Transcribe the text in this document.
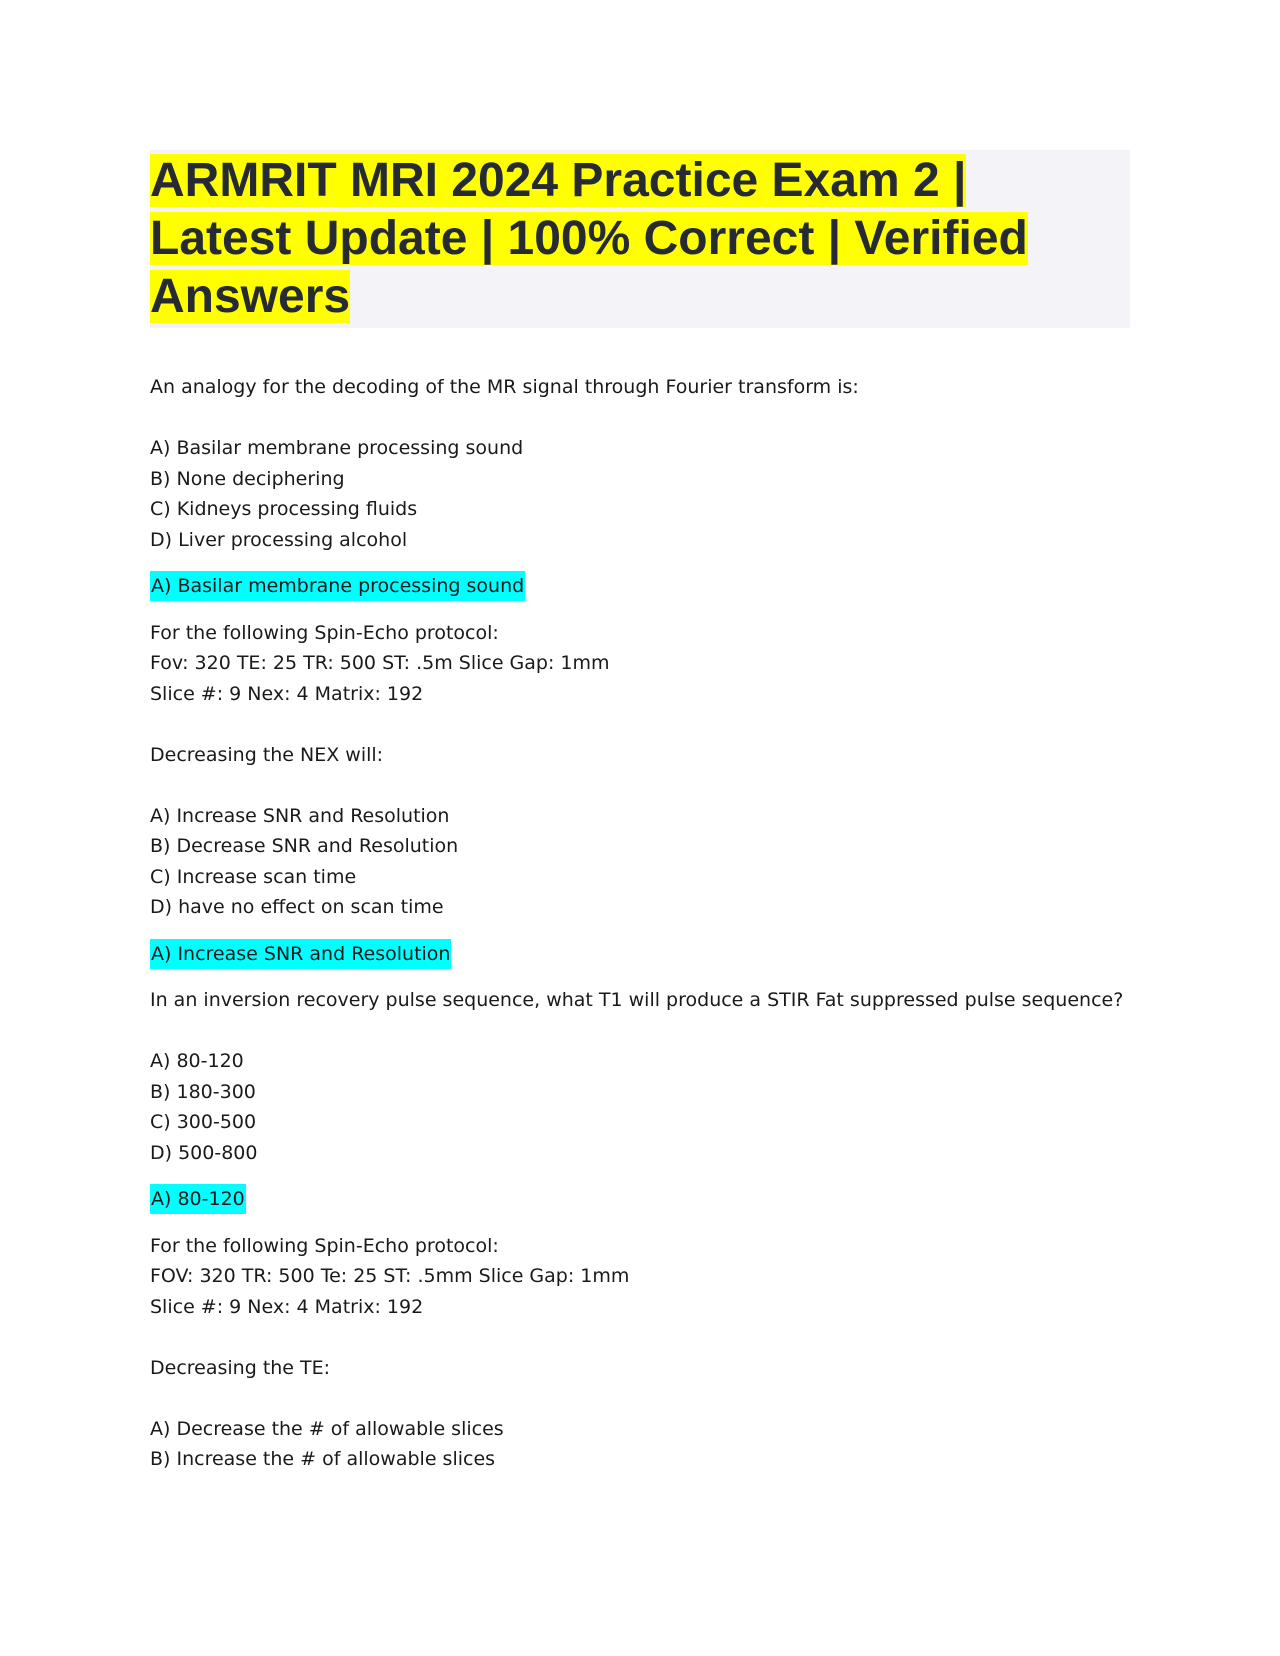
ARMRIT MRI 2024 Practice Exam 2 |
Latest Update | 100% Correct | Verified
Answers
An analogy for the decoding of the MR signal through Fourier transform is:
A) Basilar membrane processing sound
B) None deciphering
C) Kidneys processing fluids
D) Liver processing alcohol
A) Basilar membrane processing sound
For the following Spin-Echo protocol:
Fov: 320 TE: 25 TR: 500 ST: .5m Slice Gap: 1mm
Slice #: 9 Nex: 4 Matrix: 192
Decreasing the NEX will:
A) Increase SNR and Resolution
B) Decrease SNR and Resolution
C) Increase scan time
D) have no effect on scan time
A) Increase SNR and Resolution
In an inversion recovery pulse sequence, what T1 will produce a STIR Fat suppressed pulse sequence?
A) 80-120
B) 180-300
C) 300-500
D) 500-800
A) 80-120
For the following Spin-Echo protocol:
FOV: 320 TR: 500 Te: 25 ST: .5mm Slice Gap: 1mm
Slice #: 9 Nex: 4 Matrix: 192
Decreasing the TE:
A) Decrease the # of allowable slices
B) Increase the # of allowable slices
